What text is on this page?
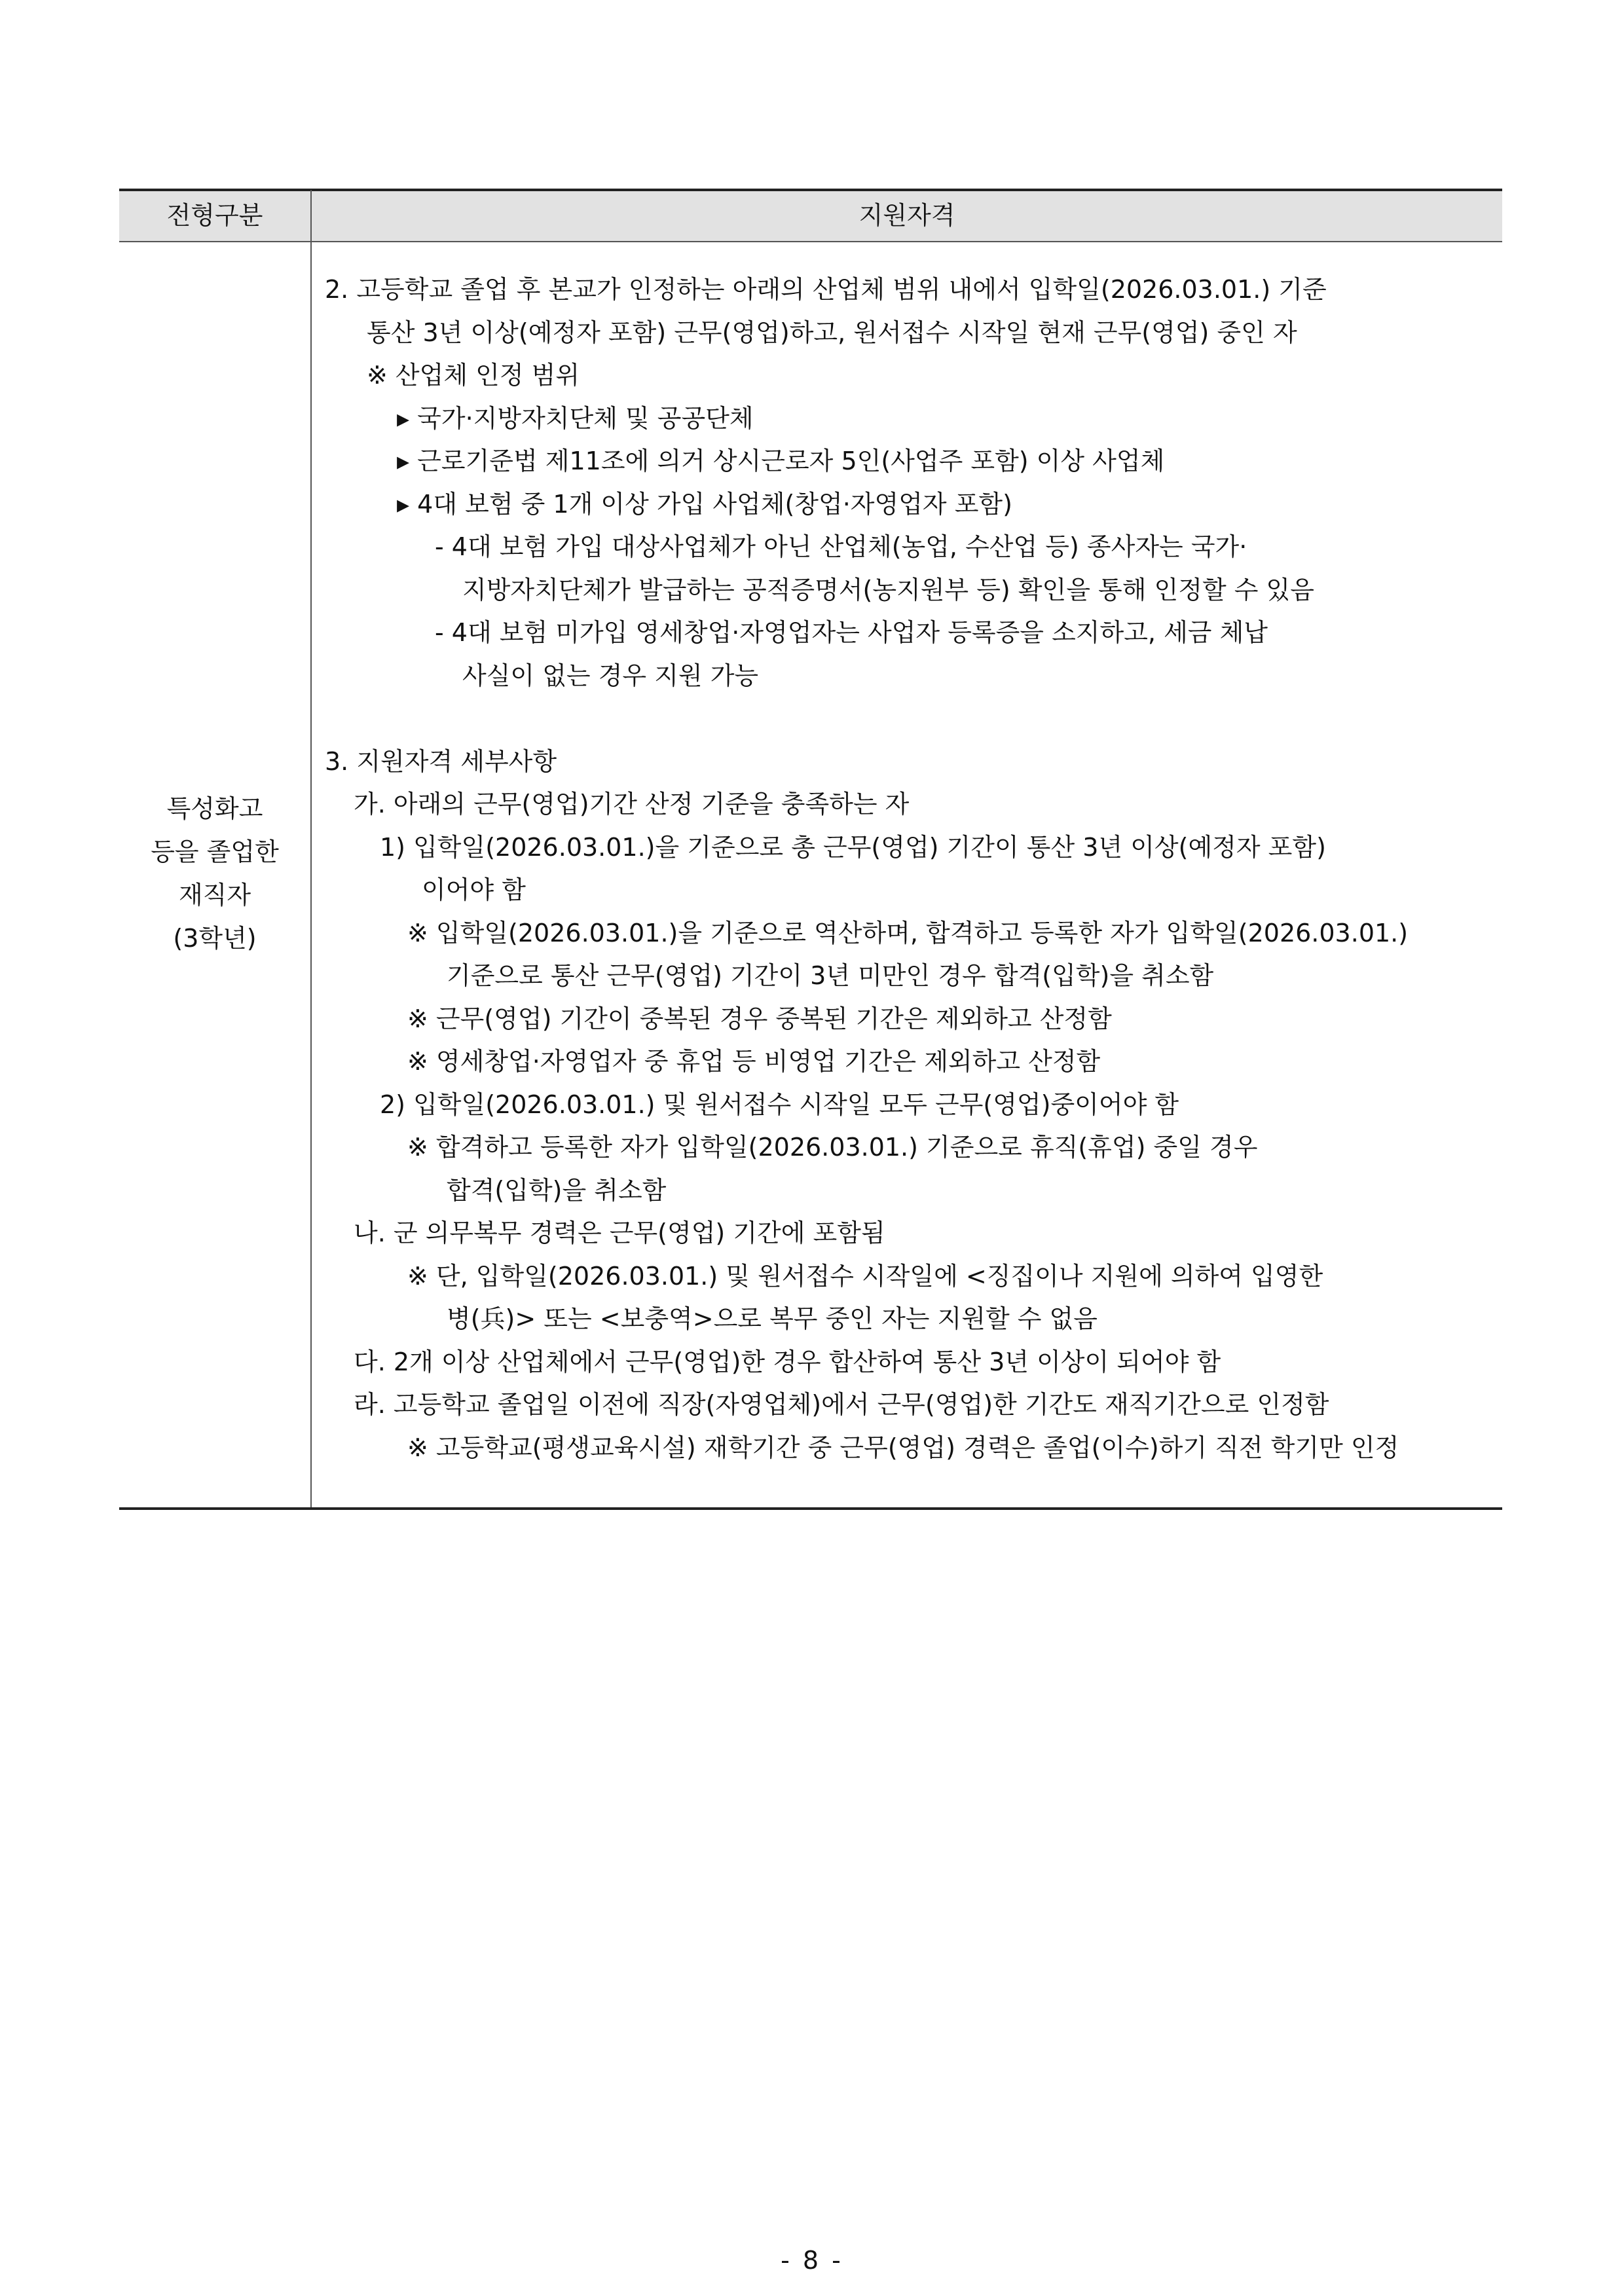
전형구분	지원자격
특성화고
등을 졸업한
재직자
(3학년)
2. 고등학교 졸업 후 본교가 인정하는 아래의 산업체 범위 내에서 입학일(2026.03.01.) 기준
통산 3년 이상(예정자 포함) 근무(영업)하고, 원서접수 시작일 현재 근무(영업) 중인 자
※ 산업체 인정 범위
▸ 국가·지방자치단체 및 공공단체
▸ 근로기준법 제11조에 의거 상시근로자 5인(사업주 포함) 이상 사업체
▸ 4대 보험 중 1개 이상 가입 사업체(창업·자영업자 포함)
- 4대 보험 가입 대상사업체가 아닌 산업체(농업, 수산업 등) 종사자는 국가·
지방자치단체가 발급하는 공적증명서(농지원부 등) 확인을 통해 인정할 수 있음
- 4대 보험 미가입 영세창업·자영업자는 사업자 등록증을 소지하고, 세금 체납
사실이 없는 경우 지원 가능
3. 지원자격 세부사항
가. 아래의 근무(영업)기간 산정 기준을 충족하는 자
1) 입학일(2026.03.01.)을 기준으로 총 근무(영업) 기간이 통산 3년 이상(예정자 포함)
이어야 함
※ 입학일(2026.03.01.)을 기준으로 역산하며, 합격하고 등록한 자가 입학일(2026.03.01.)
기준으로 통산 근무(영업) 기간이 3년 미만인 경우 합격(입학)을 취소함
※ 근무(영업) 기간이 중복된 경우 중복된 기간은 제외하고 산정함
※ 영세창업·자영업자 중 휴업 등 비영업 기간은 제외하고 산정함
2) 입학일(2026.03.01.) 및 원서접수 시작일 모두 근무(영업)중이어야 함
※ 합격하고 등록한 자가 입학일(2026.03.01.) 기준으로 휴직(휴업) 중일 경우
합격(입학)을 취소함
나. 군 의무복무 경력은 근무(영업) 기간에 포함됨
※ 단, 입학일(2026.03.01.) 및 원서접수 시작일에 <징집이나 지원에 의하여 입영한
병(兵)> 또는 <보충역>으로 복무 중인 자는 지원할 수 없음
다. 2개 이상 산업체에서 근무(영업)한 경우 합산하여 통산 3년 이상이 되어야 함
라. 고등학교 졸업일 이전에 직장(자영업체)에서 근무(영업)한 기간도 재직기간으로 인정함
※ 고등학교(평생교육시설) 재학기간 중 근무(영업) 경력은 졸업(이수)하기 직전 학기만 인정
- 8 -
